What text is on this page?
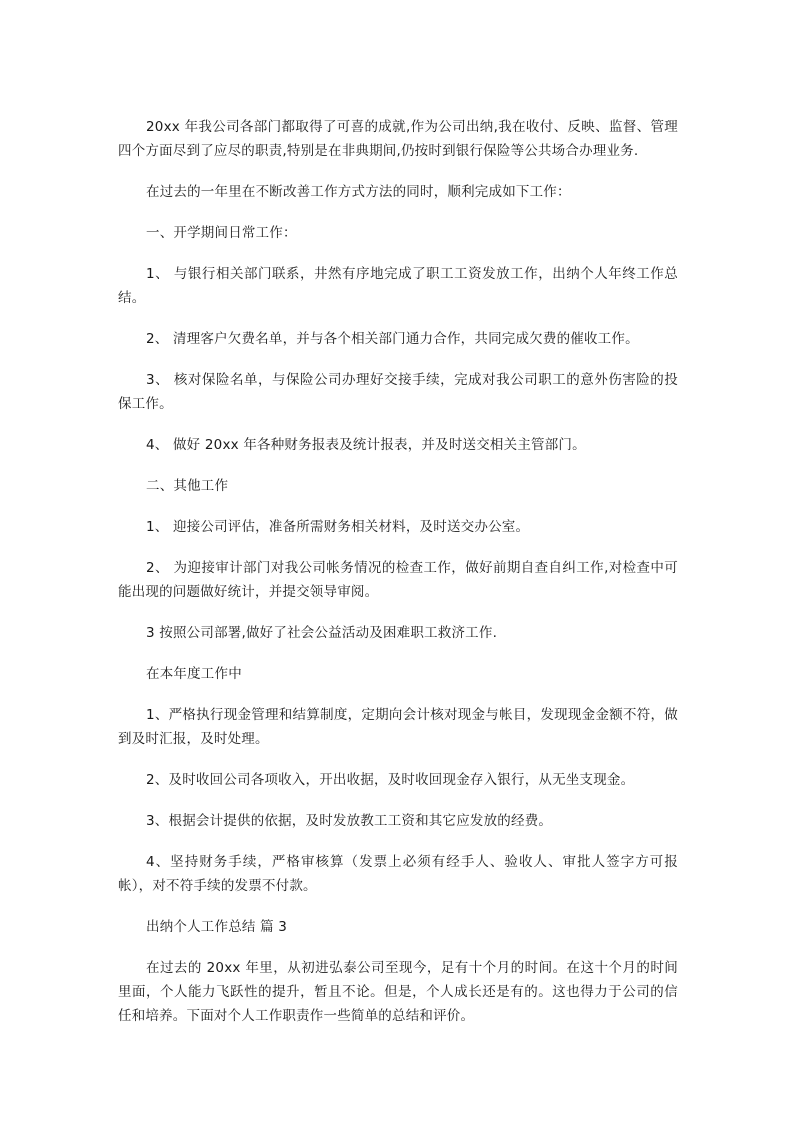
20xx 年我公司各部门都取得了可喜的成就,作为公司出纳,我在收付、反映、监督、管理四个方面尽到了应尽的职责,特别是在非典期间,仍按时到银行保险等公共场合办理业务.

在过去的一年里在不断改善工作方式方法的同时，顺利完成如下工作：

一、开学期间日常工作：

1、 与银行相关部门联系，井然有序地完成了职工工资发放工作，出纳个人年终工作总结。

2、 清理客户欠费名单，并与各个相关部门通力合作，共同完成欠费的催收工作。

3、 核对保险名单，与保险公司办理好交接手续，完成对我公司职工的意外伤害险的投保工作。

4、 做好 20xx 年各种财务报表及统计报表，并及时送交相关主管部门。

二、其他工作

1、 迎接公司评估，准备所需财务相关材料，及时送交办公室。

2、 为迎接审计部门对我公司帐务情况的检查工作，做好前期自查自纠工作,对检查中可能出现的问题做好统计，并提交领导审阅。

3 按照公司部署,做好了社会公益活动及困难职工救济工作.

在本年度工作中

1、严格执行现金管理和结算制度，定期向会计核对现金与帐目，发现现金金额不符，做到及时汇报，及时处理。

2、及时收回公司各项收入，开出收据，及时收回现金存入银行，从无坐支现金。

3、根据会计提供的依据，及时发放教工工资和其它应发放的经费。

4、坚持财务手续，严格审核算（发票上必须有经手人、验收人、审批人签字方可报帐），对不符手续的发票不付款。

出纳个人工作总结 篇 3

在过去的 20xx 年里，从初进弘泰公司至现今，足有十个月的时间。在这十个月的时间里面，个人能力飞跃性的提升，暂且不论。但是，个人成长还是有的。这也得力于公司的信任和培养。下面对个人工作职责作一些简单的总结和评价。
